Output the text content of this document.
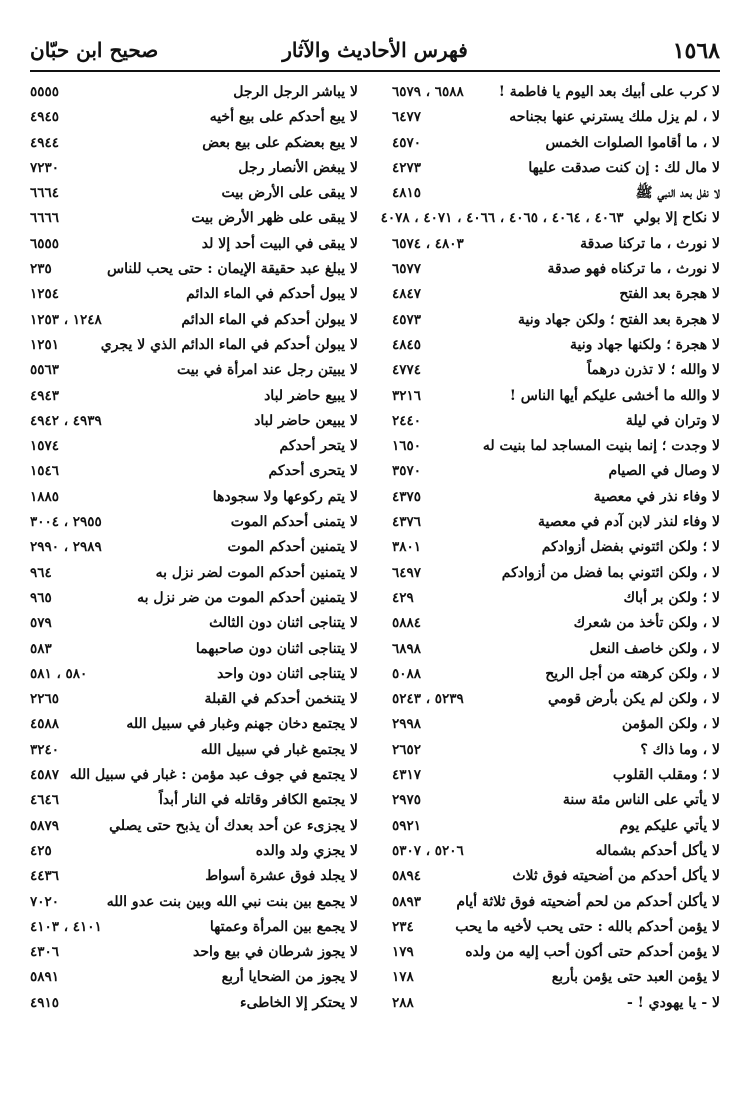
١٥٦٨
فهرس الأحاديث والآثار
صحيح ابن حبّان
لا كرب على أبيك بعد اليوم يا فاطمة !
٦٥٨٨ ، ٦٥٧٩
لا ، لم يزل ملك يسترني عنها بجناحه
٦٤٧٧
لا ، ما أقاموا الصلوات الخمس
٤٥٧٠
لا مال لك : إن كنت صدقت عليها
٤٢٧٣
لا نفل بعد النبي ﷺ
٤٨١٥
لا نكاح إلا بولي
٤٠٦٣ ، ٤٠٦٤ ، ٤٠٦٥ ، ٤٠٦٦ ، ٤٠٧١ ، ٤٠٧٨
لا نورث ، ما تركنا صدقة
٤٨٠٣ ، ٦٥٧٤
لا نورث ، ما تركناه فهو صدقة
٦٥٧٧
لا هجرة بعد الفتح
٤٨٤٧
لا هجرة بعد الفتح ؛ ولكن جهاد ونية
٤٥٧٣
لا هجرة ؛ ولكنها جهاد ونية
٤٨٤٥
لا والله ؛ لا تذرن درهماً
٤٧٧٤
لا والله ما أخشى عليكم أيها الناس !
٣٢١٦
لا وتران في ليلة
٢٤٤٠
لا وجدت ؛ إنما بنيت المساجد لما بنيت له
١٦٥٠
لا وصال في الصيام
٣٥٧٠
لا وفاء نذر في معصية
٤٣٧٥
لا وفاء لنذر لابن آدم في معصية
٤٣٧٦
لا ؛ ولكن ائتوني بفضل أزوادكم
٣٨٠١
لا ، ولكن ائتوني بما فضل من أزوادكم
٦٤٩٧
لا ؛ ولكن بر أباك
٤٢٩
لا ، ولكن تأخذ من شعرك
٥٨٨٤
لا ، ولكن خاصف النعل
٦٨٩٨
لا ، ولكن كرهته من أجل الريح
٥٠٨٨
لا ، ولكن لم يكن بأرض قومي
٥٢٣٩ ، ٥٢٤٣
لا ، ولكن المؤمن
٢٩٩٨
لا ، وما ذاك ؟
٢٦٥٢
لا ؛ ومقلب القلوب
٤٣١٧
لا يأتي على الناس مئة سنة
٢٩٧٥
لا يأتي عليكم يوم
٥٩٢١
لا يأكل أحدكم بشماله
٥٢٠٦ ، ٥٣٠٧
لا يأكل أحدكم من أضحيته فوق ثلاث
٥٨٩٤
لا يأكلن أحدكم من لحم أضحيته فوق ثلاثة أيام
٥٨٩٣
لا يؤمن أحدكم بالله : حتى يحب لأخيه ما يحب
٢٣٤
لا يؤمن أحدكم حتى أكون أحب إليه من ولده
١٧٩
لا يؤمن العبد حتى يؤمن بأربع
١٧٨
لا - يا يهودي ! -
٢٨٨
لا يباشر الرجل الرجل
٥٥٥٥
لا يبع أحدكم على بيع أخيه
٤٩٤٥
لا يبع بعضكم على بيع بعض
٤٩٤٤
لا يبغض الأنصار رجل
٧٢٣٠
لا يبقى على الأرض بيت
٦٦٦٤
لا يبقى على ظهر الأرض بيت
٦٦٦٦
لا يبقى في البيت أحد إلا لد
٦٥٥٥
لا يبلغ عبد حقيقة الإيمان : حتى يحب للناس
٢٣٥
لا يبول أحدكم في الماء الدائم
١٢٥٤
لا يبولن أحدكم في الماء الدائم
١٢٤٨ ، ١٢٥٣
لا يبولن أحدكم في الماء الدائم الذي لا يجري
١٢٥١
لا يبيتن رجل عند امرأة في بيت
٥٥٦٣
لا يبيع حاضر لباد
٤٩٤٣
لا يبيعن حاضر لباد
٤٩٣٩ ، ٤٩٤٢
لا يتحر أحدكم
١٥٧٤
لا يتحرى أحدكم
١٥٤٦
لا يتم ركوعها ولا سجودها
١٨٨٥
لا يتمنى أحدكم الموت
٢٩٥٥ ، ٣٠٠٤
لا يتمنين أحدكم الموت
٢٩٨٩ ، ٢٩٩٠
لا يتمنين أحدكم الموت لضر نزل به
٩٦٤
لا يتمنين أحدكم الموت من ضر نزل به
٩٦٥
لا يتناجى اثنان دون الثالث
٥٧٩
لا يتناجى اثنان دون صاحبهما
٥٨٣
لا يتناجى اثنان دون واحد
٥٨٠ ، ٥٨١
لا يتنخمن أحدكم في القبلة
٢٢٦٥
لا يجتمع دخان جهنم وغبار في سبيل الله
٤٥٨٨
لا يجتمع غبار في سبيل الله
٣٢٤٠
لا يجتمع في جوف عبد مؤمن : غبار في سبيل الله
٤٥٨٧
لا يجتمع الكافر وقاتله في النار أبداً
٤٦٤٦
لا يجزىء عن أحد بعدك أن يذبح حتى يصلي
٥٨٧٩
لا يجزي ولد والده
٤٢٥
لا يجلد فوق عشرة أسواط
٤٤٣٦
لا يجمع بين بنت نبي الله وبين بنت عدو الله
٧٠٢٠
لا يجمع بين المرأة وعمتها
٤١٠١ ، ٤١٠٣
لا يجوز شرطان في بيع واحد
٤٣٠٦
لا يجوز من الضحايا أربع
٥٨٩١
لا يحتكر إلا الخاطىء
٤٩١٥
